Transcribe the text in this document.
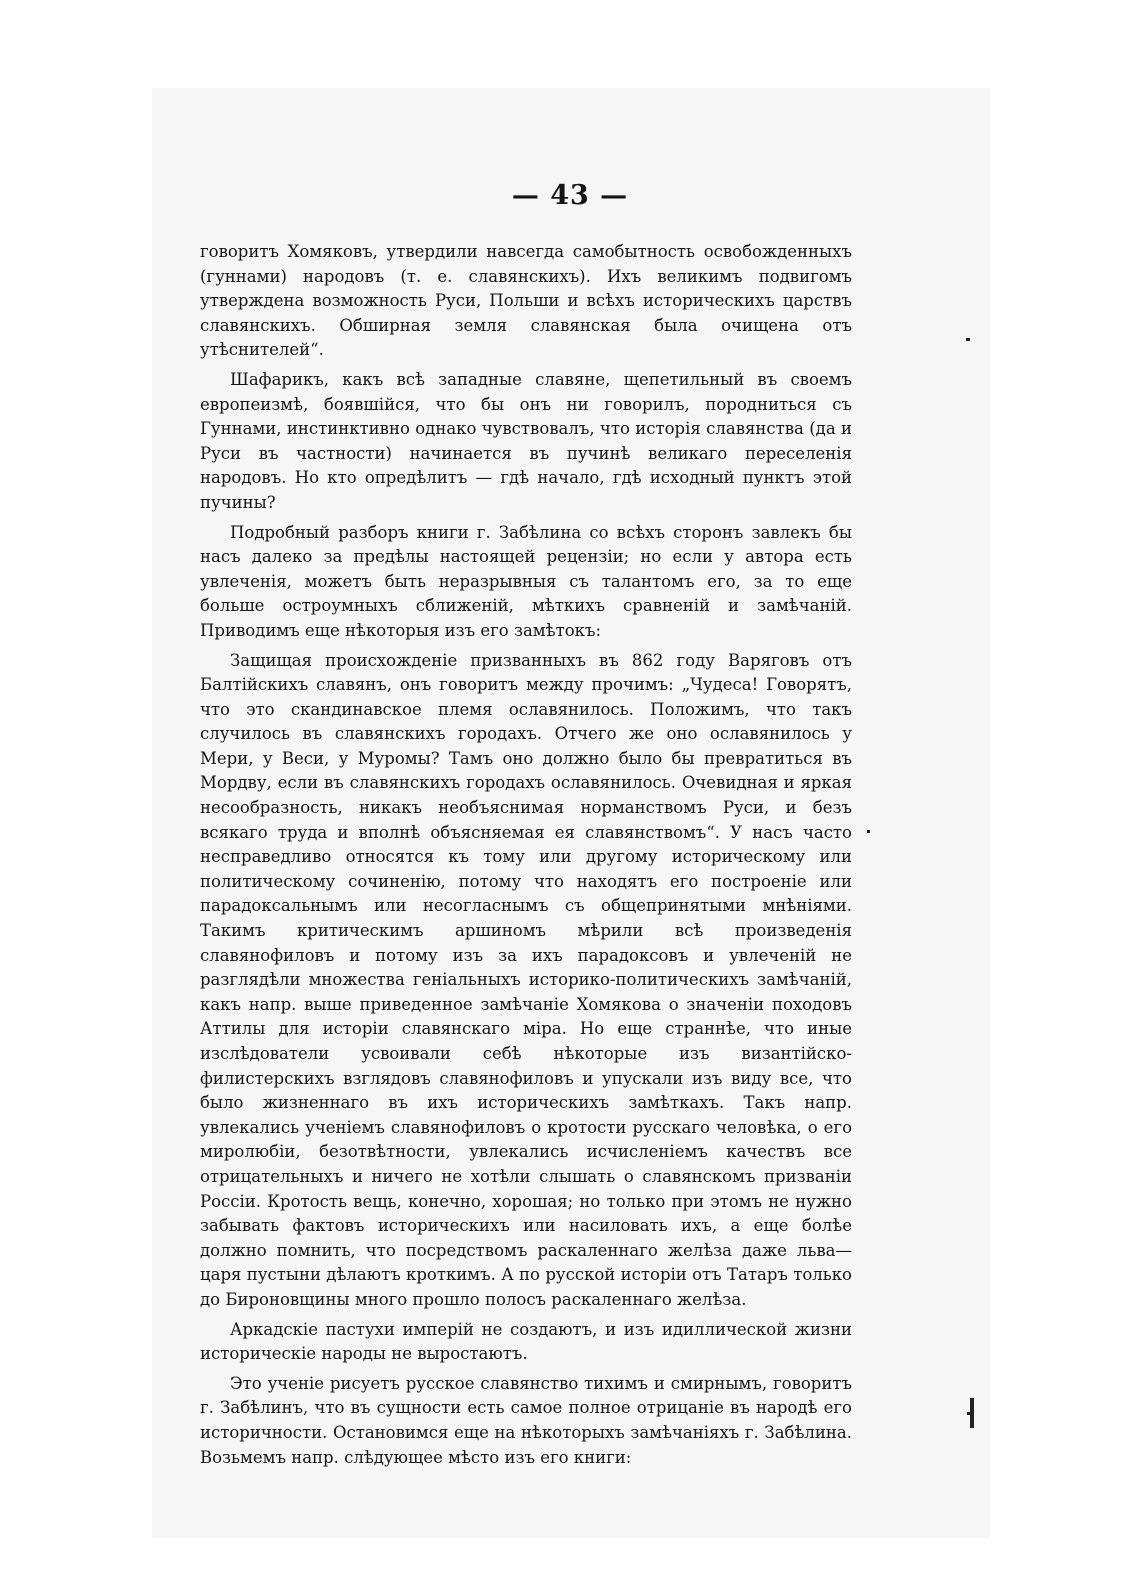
— 43 —

говоритъ Хомяковъ, утвердили навсегда самобытность освобожденныхъ (гуннами) народовъ (т. е. славянскихъ). Ихъ великимъ подвигомъ утверждена возможность Руси, Польши и всѣхъ историческихъ царствъ славянскихъ. Обширная земля славянская была очищена отъ утѣснителей“.

Шафарикъ, какъ всѣ западные славяне, щепетильный въ своемъ европеизмѣ, боявшійся, что бы онъ ни говорилъ, породниться съ Гуннами, инстинктивно однако чувствовалъ, что исторія славянства (да и Руси въ частности) начинается въ пучинѣ великаго переселенія народовъ. Но кто опредѣлитъ — гдѣ начало, гдѣ исходный пунктъ этой пучины?

Подробный разборъ книги г. Забѣлина со всѣхъ сторонъ завлекъ бы насъ далеко за предѣлы настоящей рецензіи; но если у автора есть увлеченія, можетъ быть неразрывныя съ талантомъ его, за то еще больше остроумныхъ сближеній, мѣткихъ сравненій и замѣчаній. Приводимъ еще нѣкоторыя изъ его замѣтокъ:

Защищая происхожденіе призванныхъ въ 862 году Варяговъ отъ Балтійскихъ славянъ, онъ говоритъ между прочимъ: „Чудеса! Говорятъ, что это скандинавское племя ославянилось. Положимъ, что такъ случилось въ славянскихъ городахъ. Отчего же оно ославянилось у Мери, у Веси, у Муромы? Тамъ оно должно было бы превратиться въ Мордву, если въ славянскихъ городахъ ославянилось. Очевидная и яркая несообразность, никакъ необъяснимая норманствомъ Руси, и безъ всякаго труда и вполнѣ объясняемая ея славянствомъ“. У насъ часто несправедливо относятся къ тому или другому историческому или политическому сочиненію, потому что находятъ его построеніе или парадоксальнымъ или несогласнымъ съ общепринятыми мнѣніями. Такимъ критическимъ аршиномъ мѣрили всѣ произведенія славянофиловъ и потому изъ за ихъ парадоксовъ и увлеченій не разглядѣли множества геніальныхъ историко-политическихъ замѣчаній, какъ напр. выше приведенное замѣчаніе Хомякова о значеніи походовъ Аттилы для исторіи славянскаго міра. Но еще страннѣе, что иные изслѣдователи усвоивали себѣ нѣкоторые изъ византійско-филистерскихъ взглядовъ славянофиловъ и упускали изъ виду все, что было жизненнаго въ ихъ историческихъ замѣткахъ. Такъ напр. увлекались ученіемъ славянофиловъ о кротости русскаго человѣка, о его миролюбіи, безотвѣтности, увлекались исчисленіемъ качествъ все отрицательныхъ и ничего не хотѣли слышать о славянскомъ призваніи Россіи. Кротость вещь, конечно, хорошая; но только при этомъ не нужно забывать фактовъ историческихъ или насиловать ихъ, а еще болѣе должно помнить, что посредствомъ раскаленнаго желѣза даже льва—царя пустыни дѣлаютъ кроткимъ. А по русской исторіи отъ Татаръ только до Бироновщины много прошло полосъ раскаленнаго желѣза.

Аркадскіе пастухи имперій не создаютъ, и изъ идиллической жизни историческіе народы не выростаютъ.

Это ученіе рисуетъ русское славянство тихимъ и смирнымъ, говоритъ г. Забѣлинъ, что въ сущности есть самое полное отрицаніе въ народѣ его историчности. Остановимся еще на нѣкоторыхъ замѣчаніяхъ г. Забѣлина. Возьмемъ напр. слѣдующее мѣсто изъ его книги:
